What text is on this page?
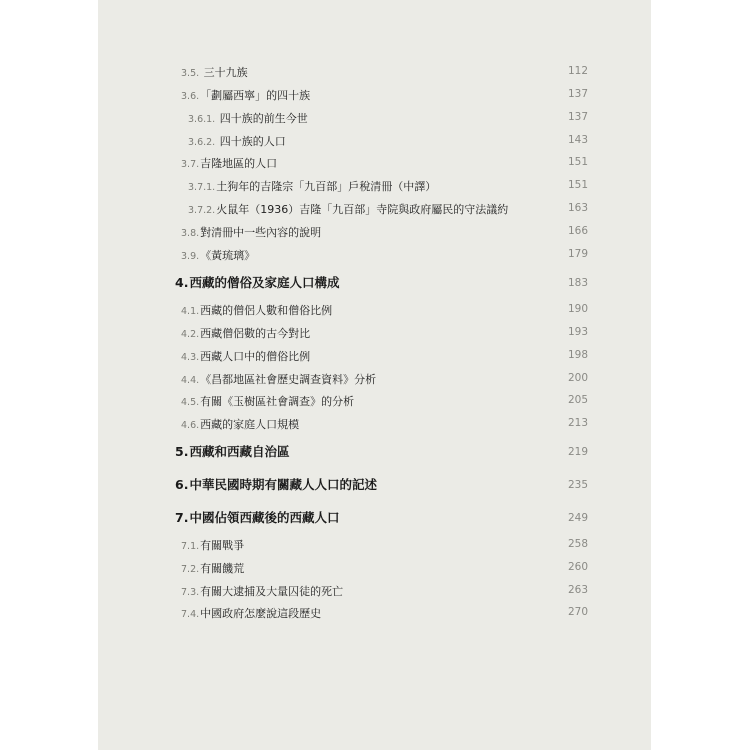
3.5. 三十九族	112
3.6.「劃屬西寧」的四十族	137
3.6.1. 四十族的前生今世	137
3.6.2. 四十族的人口	143
3.7.吉隆地區的人口	151
3.7.1.土狗年的吉隆宗「九百部」戶稅清冊（中譯）	151
3.7.2.火鼠年（1936）吉隆「九百部」寺院與政府屬民的守法議約	163
3.8.對清冊中一些內容的說明	166
3.9.《黃琉璃》	179
4.西藏的僧俗及家庭人口構成	183
4.1.西藏的僧侶人數和僧俗比例	190
4.2.西藏僧侶數的古今對比	193
4.3.西藏人口中的僧俗比例	198
4.4.《昌都地區社會歷史調查資料》分析	200
4.5.有關《玉樹區社會調查》的分析	205
4.6.西藏的家庭人口規模	213
5.西藏和西藏自治區	219
6.中華民國時期有關藏人人口的記述	235
7.中國佔領西藏後的西藏人口	249
7.1.有關戰爭	258
7.2.有關饑荒	260
7.3.有關大逮捕及大量囚徒的死亡	263
7.4.中國政府怎麼說這段歷史	270
